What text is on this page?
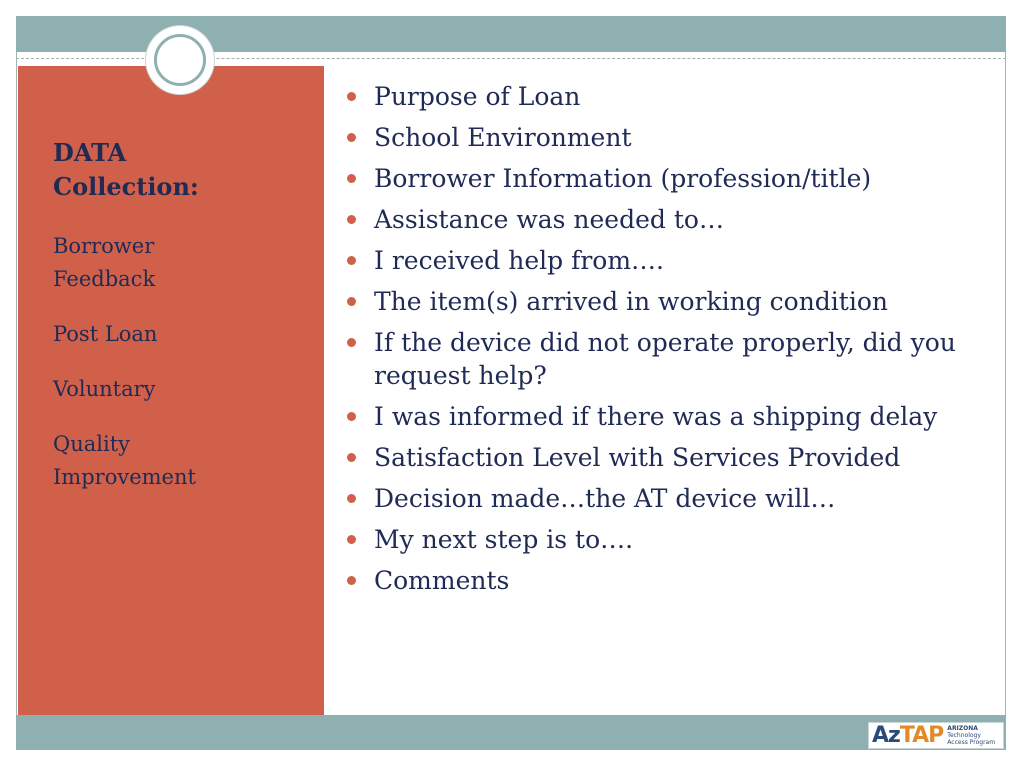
DATA
Collection:
Borrower
Feedback
Post Loan
Voluntary
Quality
Improvement
Purpose of Loan
School Environment
Borrower Information (profession/title)
Assistance was needed to…
I received help from….
The item(s) arrived in working condition
If the device did not operate properly, did you request help?
I was informed if there was a shipping delay
Satisfaction Level with Services Provided
Decision made…the AT device will…
My next step is to….
Comments
AzTAP ARIZONA
Technology
Access Program
